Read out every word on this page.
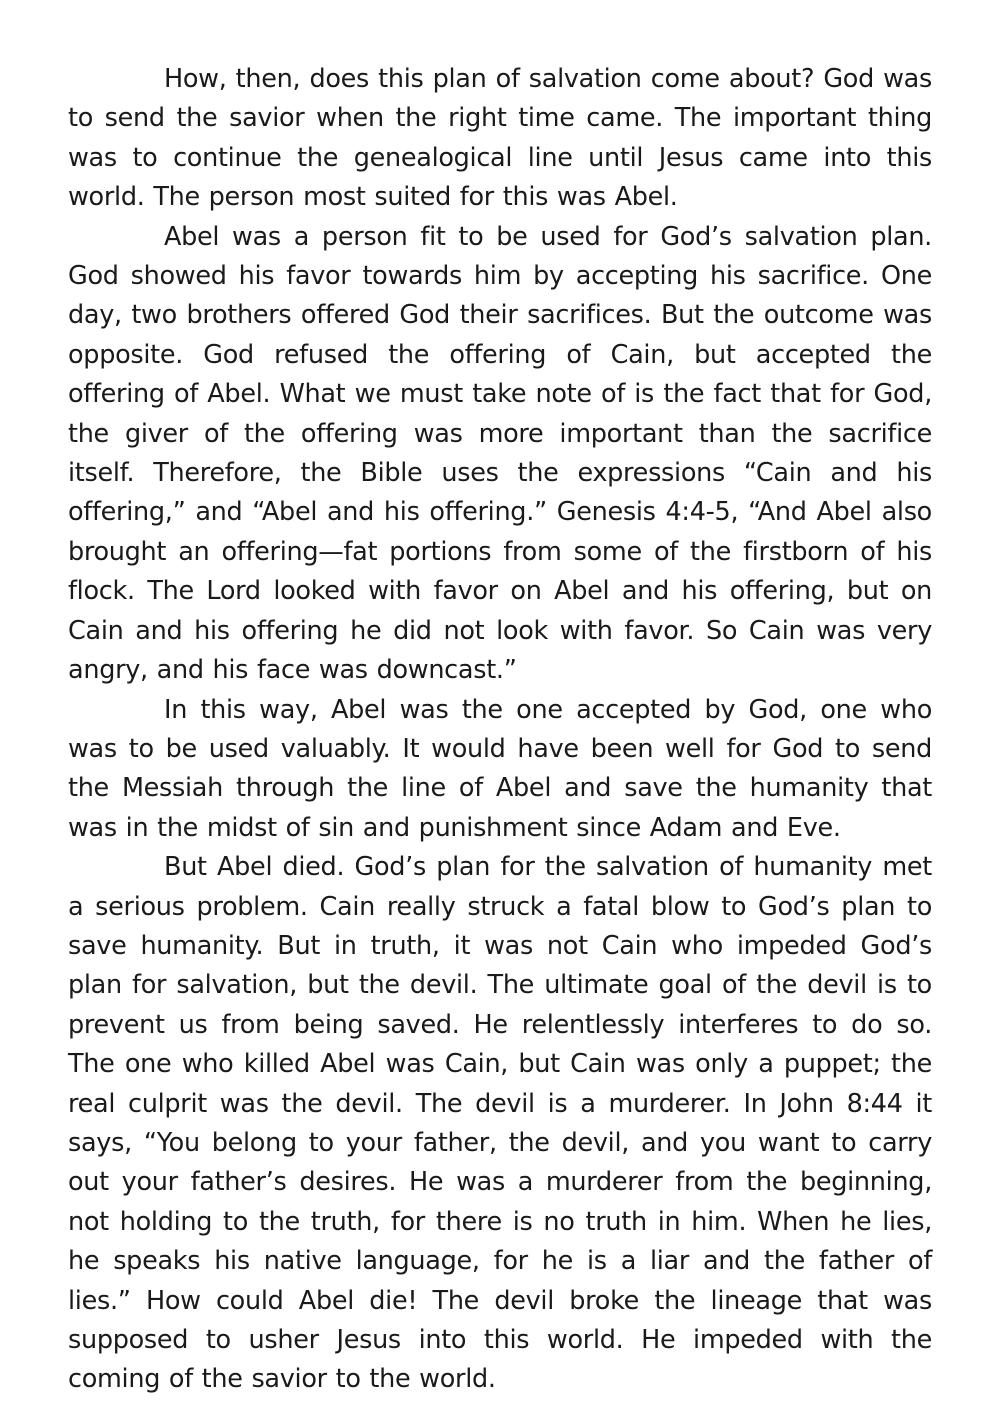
How, then, does this plan of salvation come about? God was to send the savior when the right time came. The important thing was to continue the genealogical line until Jesus came into this world. The person most suited for this was Abel.

Abel was a person fit to be used for God’s salvation plan. God showed his favor towards him by accepting his sacrifice. One day, two brothers offered God their sacrifices. But the outcome was opposite. God refused the offering of Cain, but accepted the offering of Abel. What we must take note of is the fact that for God, the giver of the offering was more important than the sacrifice itself. Therefore, the Bible uses the expressions “Cain and his offering,” and “Abel and his offering.” Genesis 4:4-5, “And Abel also brought an offering—fat portions from some of the firstborn of his flock. The Lord looked with favor on Abel and his offering, but on Cain and his offering he did not look with favor. So Cain was very angry, and his face was downcast.”

In this way, Abel was the one accepted by God, one who was to be used valuably. It would have been well for God to send the Messiah through the line of Abel and save the humanity that was in the midst of sin and punishment since Adam and Eve.

But Abel died. God’s plan for the salvation of humanity met a serious problem. Cain really struck a fatal blow to God’s plan to save humanity. But in truth, it was not Cain who impeded God’s plan for salvation, but the devil. The ultimate goal of the devil is to prevent us from being saved. He relentlessly interferes to do so. The one who killed Abel was Cain, but Cain was only a puppet; the real culprit was the devil. The devil is a murderer. In John 8:44 it says, “You belong to your father, the devil, and you want to carry out your father’s desires. He was a murderer from the beginning, not holding to the truth, for there is no truth in him. When he lies, he speaks his native language, for he is a liar and the father of lies.” How could Abel die! The devil broke the lineage that was supposed to usher Jesus into this world. He impeded with the coming of the savior to the world.
